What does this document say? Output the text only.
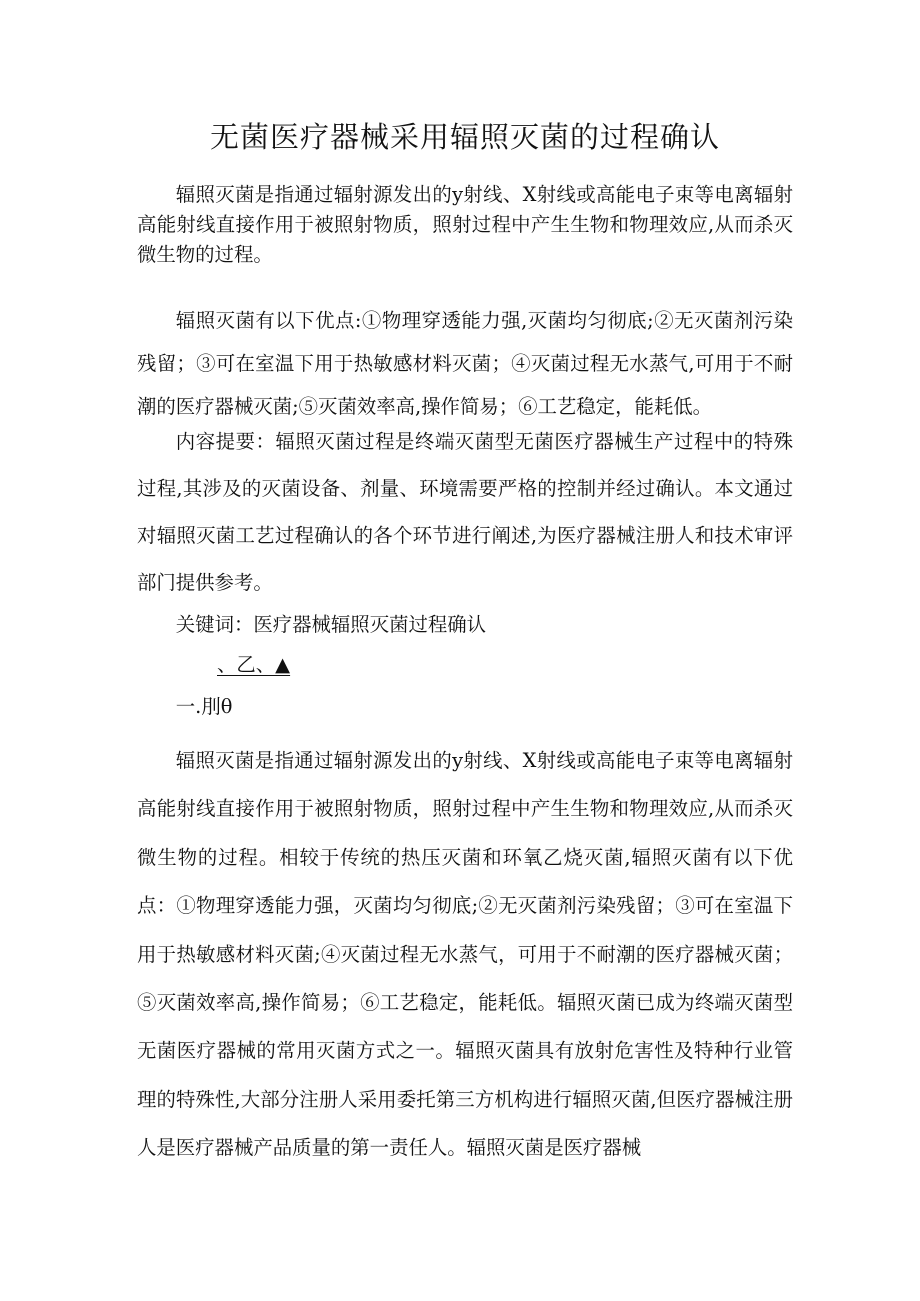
无菌医疗器械采用辐照灭菌的过程确认

辐照灭菌是指通过辐射源发出的y射线、X射线或高能电子束等电离辐射高能射线直接作用于被照射物质，照射过程中产生生物和物理效应,从而杀灭微生物的过程。

辐照灭菌有以下优点:①物理穿透能力强,灭菌均匀彻底;②无灭菌剂污染残留；③可在室温下用于热敏感材料灭菌；④灭菌过程无水蒸气,可用于不耐潮的医疗器械灭菌;⑤灭菌效率高,操作简易；⑥工艺稳定，能耗低。

内容提要：辐照灭菌过程是终端灭菌型无菌医疗器械生产过程中的特殊过程,其涉及的灭菌设备、剂量、环境需要严格的控制并经过确认。本文通过对辐照灭菌工艺过程确认的各个环节进行阐述,为医疗器械注册人和技术审评部门提供参考。

关键词：医疗器械辐照灭菌过程确认

、乙、▲

一.刖θ

辐照灭菌是指通过辐射源发出的y射线、X射线或高能电子束等电离辐射高能射线直接作用于被照射物质，照射过程中产生生物和物理效应,从而杀灭微生物的过程。相较于传统的热压灭菌和环氧乙烧灭菌,辐照灭菌有以下优点：①物理穿透能力强，灭菌均匀彻底;②无灭菌剂污染残留；③可在室温下用于热敏感材料灭菌;④灭菌过程无水蒸气，可用于不耐潮的医疗器械灭菌；⑤灭菌效率高,操作简易；⑥工艺稳定，能耗低。辐照灭菌已成为终端灭菌型无菌医疗器械的常用灭菌方式之一。辐照灭菌具有放射危害性及特种行业管理的特殊性,大部分注册人采用委托第三方机构进行辐照灭菌,但医疗器械注册人是医疗器械产品质量的第一责任人。辐照灭菌是医疗器械
